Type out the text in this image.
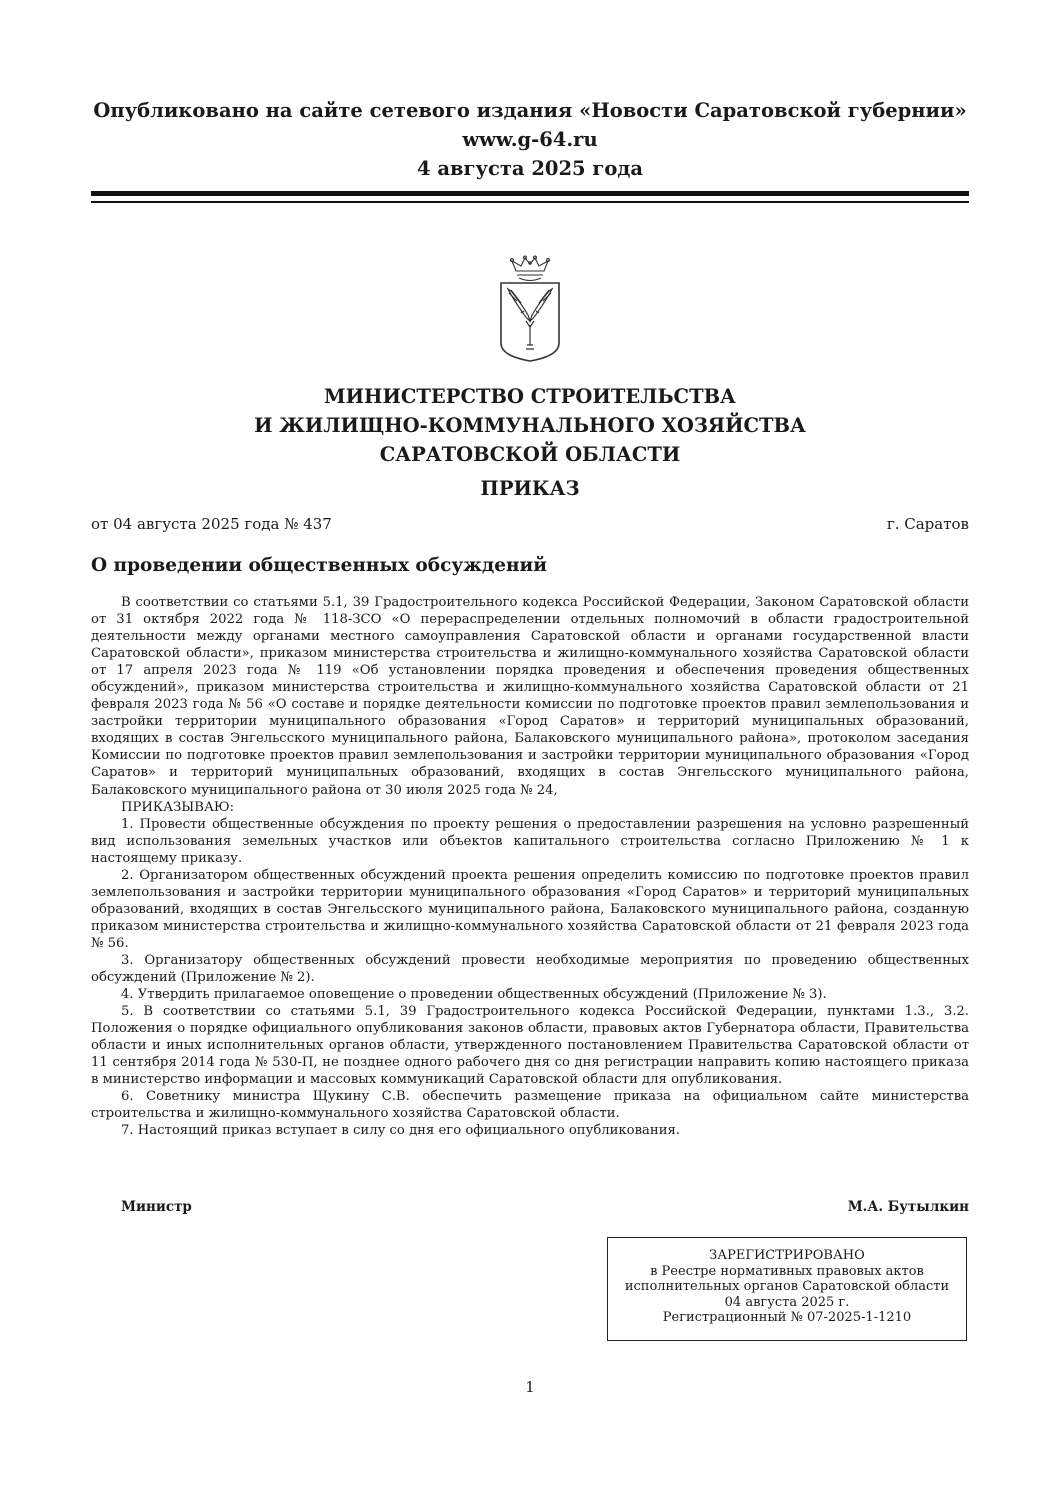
Опубликовано на сайте сетевого издания «Новости Саратовской губернии»
www.g-64.ru
4 августа 2025 года
МИНИСТЕРСТВО СТРОИТЕЛЬСТВА
И ЖИЛИЩНО-КОММУНАЛЬНОГО ХОЗЯЙСТВА
САРАТОВСКОЙ ОБЛАСТИ
ПРИКАЗ
от 04 августа 2025 года № 437	г. Саратов
О проведении общественных обсуждений

В соответствии со статьями 5.1, 39 Градостроительного кодекса Российской Федерации, Законом Саратовской области от 31 октября 2022 года № 118-ЗСО «О перераспределении отдельных полномочий в области градостроительной деятельности между органами местного самоуправления Саратовской области и органами государственной власти Саратовской области», приказом министерства строительства и жилищно-коммунального хозяйства Саратовской области от 17 апреля 2023 года № 119 «Об установлении порядка проведения и обеспечения проведения общественных обсуждений», приказом министерства строительства и жилищно-коммунального хозяйства Саратовской области от 21 февраля 2023 года № 56 «О составе и порядке деятельности комиссии по подготовке проектов правил землепользования и застройки территории муниципального образования «Город Саратов» и территорий муниципальных образований, входящих в состав Энгельсского муниципального района, Балаковского муниципального района», протоколом заседания Комиссии по подготовке проектов правил землепользования и застройки территории муниципального образования «Город Саратов» и территорий муниципальных образований, входящих в состав Энгельсского муниципального района, Балаковского муниципального района от 30 июля 2025 года № 24,

ПРИКАЗЫВАЮ:

1. Провести общественные обсуждения по проекту решения о предоставлении разрешения на условно разрешенный вид использования земельных участков или объектов капитального строительства согласно Приложению № 1 к настоящему приказу.

2. Организатором общественных обсуждений проекта решения определить комиссию по подготовке проектов правил землепользования и застройки территории муниципального образования «Город Саратов» и территорий муниципальных образований, входящих в состав Энгельсского муниципального района, Балаковского муниципального района, созданную приказом министерства строительства и жилищно-коммунального хозяйства Саратовской области от 21 февраля 2023 года № 56.

3. Организатору общественных обсуждений провести необходимые мероприятия по проведению общественных обсуждений (Приложение № 2).

4. Утвердить прилагаемое оповещение о проведении общественных обсуждений (Приложение № 3).

5. В соответствии со статьями 5.1, 39 Градостроительного кодекса Российской Федерации, пунктами 1.3., 3.2. Положения о порядке официального опубликования законов области, правовых актов Губернатора области, Правительства области и иных исполнительных органов области, утвержденного постановлением Правительства Саратовской области от 11 сентября 2014 года № 530-П, не позднее одного рабочего дня со дня регистрации направить копию настоящего приказа в министерство информации и массовых коммуникаций Саратовской области для опубликования.

6. Советнику министра Щукину С.В. обеспечить размещение приказа на официальном сайте министерства строительства и жилищно-коммунального хозяйства Саратовской области.

7. Настоящий приказ вступает в силу со дня его официального опубликования.

Министр	М.А. Бутылкин
ЗАРЕГИСТРИРОВАНО
в Реестре нормативных правовых актов
исполнительных органов Саратовской области
04 августа 2025 г.
Регистрационный № 07-2025-1-1210
1
